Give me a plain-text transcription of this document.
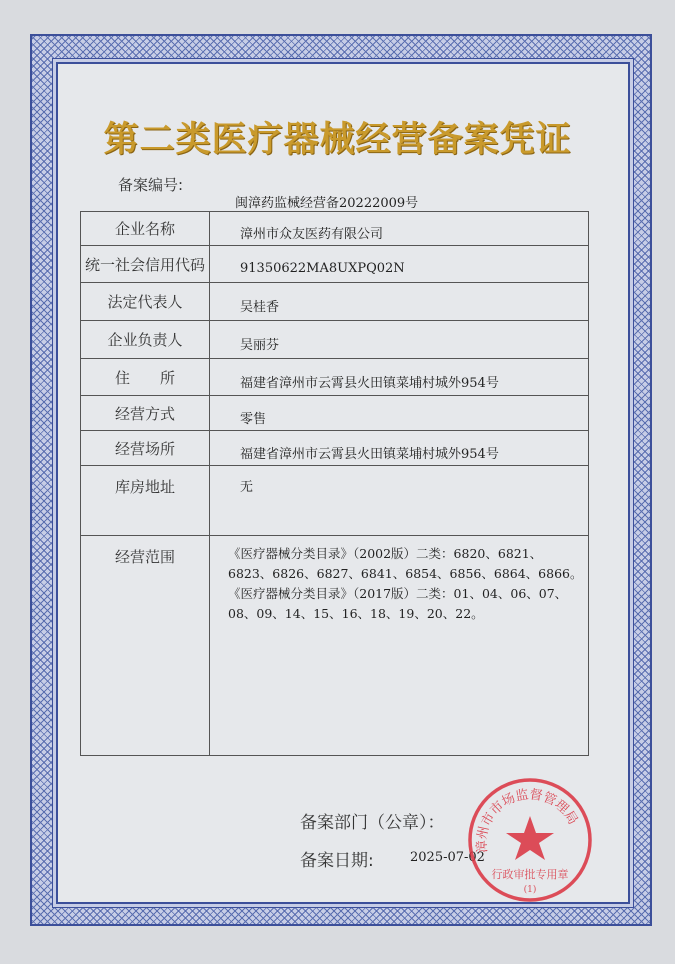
第二类医疗器械经营备案凭证
备案编号:
闽漳药监械经营备20222009号
企业名称	漳州市众友医药有限公司
统一社会信用代码	91350622MA8UXPQ02N
法定代表人	吴桂香
企业负责人	吴丽芬
住　　所	福建省漳州市云霄县火田镇菜埔村城外954号
经营方式	零售
经营场所	福建省漳州市云霄县火田镇菜埔村城外954号
库房地址	无
经营范围	《医疗器械分类目录》（2002版）二类：6820、6821、6823、6826、6827、6841、6854、6856、6864、6866。
《医疗器械分类目录》（2017版）二类：01、04、06、07、08、09、14、15、16、18、19、20、22。
备案部门（公章）：
备案日期:	2025-07-02
漳州市市场监督管理局
行政审批专用章
(1)
